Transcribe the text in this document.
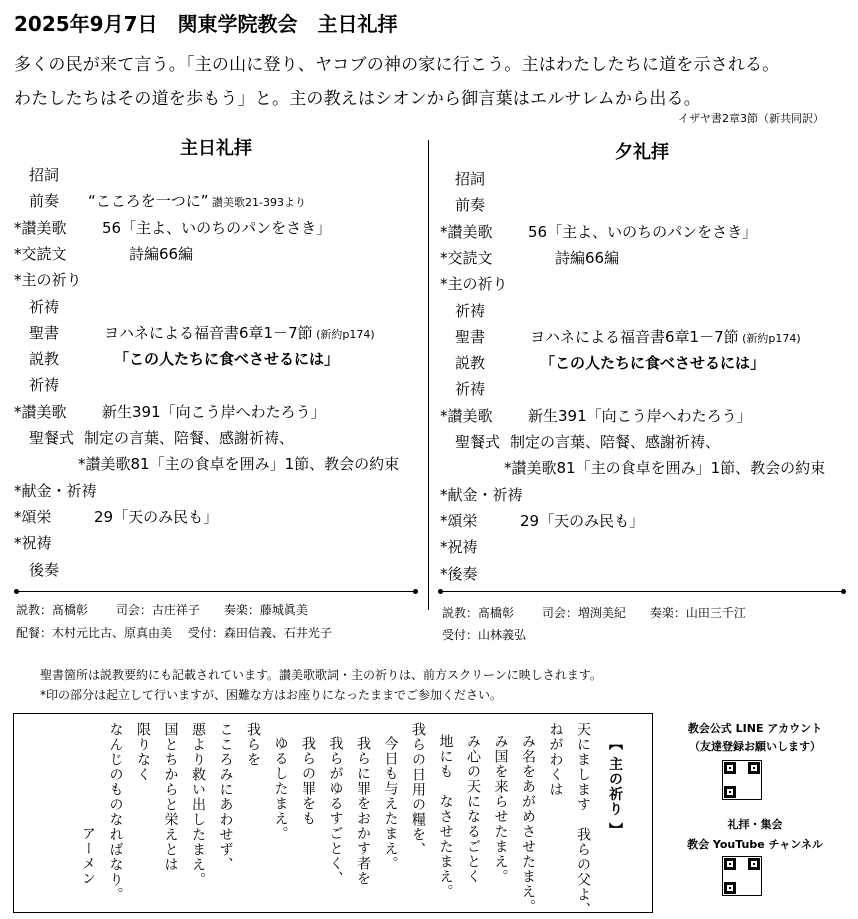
2025年9月7日　関東学院教会　主日礼拝
多くの民が来て言う。「主の山に登り、ヤコブの神の家に行こう。主はわたしたちに道を示される。
わたしたちはその道を歩もう」と。主の教えはシオンから御言葉はエルサレムから出る。
イザヤ書2章3節（新共同訳）
主日礼拝
　招詞
　前奏 “こころを一つに” 讃美歌21-393より
*讃美歌 56「主よ、いのちのパンをさき」
*交読文	詩編66編
*主の祈り
　祈祷
　聖書	ヨハネによる福音書6章1－7節 (新約p174)
　説教	「この人たちに食べさせるには」
　祈祷
*讃美歌 新生391「向こう岸へわたろう」
　聖餐式 制定の言葉、陪餐、感謝祈祷、
*讃美歌81「主の食卓を囲み」1節、教会の約束
*献金・祈祷
*頌栄	29「天のみ民も」
*祝祷
　後奏
夕礼拝
　招詞
　前奏
*讃美歌 56「主よ、いのちのパンをさき」
*交読文	詩編66編
*主の祈り
　祈祷
　聖書	ヨハネによる福音書6章1－7節 (新約p174)
　説教	「この人たちに食べさせるには」
　祈祷
*讃美歌 新生391「向こう岸へわたろう」
　聖餐式 制定の言葉、陪餐、感謝祈祷、
*讃美歌81「主の食卓を囲み」1節、教会の約束
*献金・祈祷
*頌栄	29「天のみ民も」
*祝祷
*後奏
説教：髙橋彰　　 司会：古庄祥子　　奏楽：藤城眞美
配餐：木村元比古、原真由美　 受付：森田信義、石井光子
説教：髙橋彰　　 司会：増渕美紀　　奏楽：山田三千江
受付：山林義弘
聖書箇所は説教要約にも記載されています。讃美歌歌詞・主の祈りは、前方スクリーンに映しされます。
*印の部分は起立して行いますが、困難な方はお座りになったままでご参加ください。
【 主の祈り 】
天にまします　我らの父よ、
ねがわくは
み名をあがめさせたまえ。
み国を来らせたまえ。
み心の天になるごとく
地にも　なさせたまえ。
我らの日用の糧を、
今日も与えたまえ。
我らに罪をおかす者を
我らがゆるすごとく、
我らの罪をも
ゆるしたまえ。
我らを
こころみにあわせず、
悪より救い出したまえ。
国とちからと栄えとは
限りなく
なんじのものなればなり。
アーメン
教会公式 LINE アカウント
（友達登録お願いします）
礼拝・集会
教会 YouTube チャンネル
